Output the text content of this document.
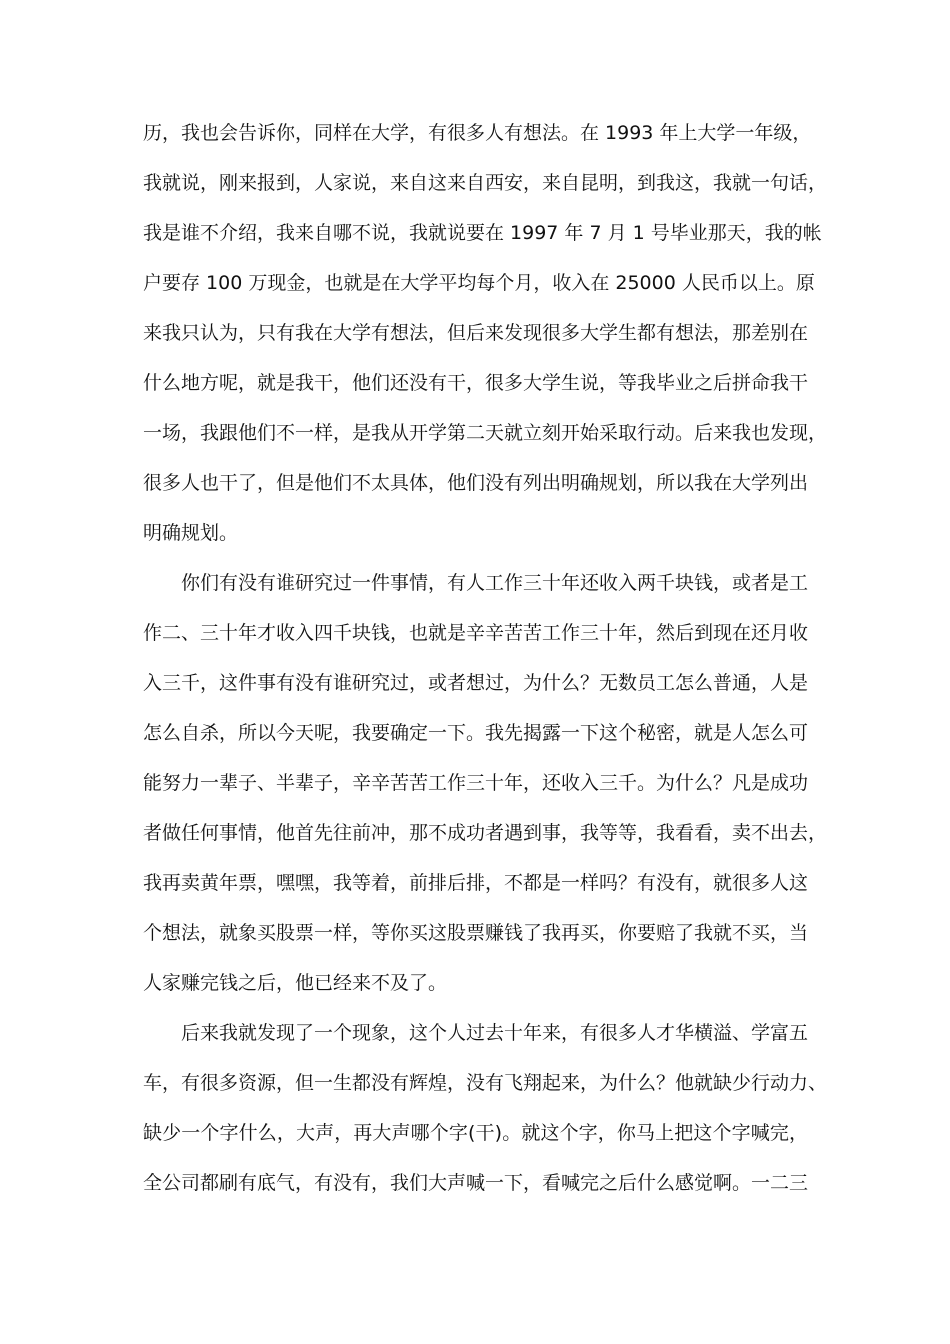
历，我也会告诉你，同样在大学，有很多人有想法。在 1993 年上大学一年级，
我就说，刚来报到，人家说，来自这来自西安，来自昆明，到我这，我就一句话，
我是谁不介绍，我来自哪不说，我就说要在 1997 年 7 月 1 号毕业那天，我的帐
户要存 100 万现金，也就是在大学平均每个月，收入在 25000 人民币以上。原
来我只认为，只有我在大学有想法，但后来发现很多大学生都有想法，那差别在
什么地方呢，就是我干，他们还没有干，很多大学生说，等我毕业之后拼命我干
一场，我跟他们不一样，是我从开学第二天就立刻开始采取行动。后来我也发现，
很多人也干了，但是他们不太具体，他们没有列出明确规划，所以我在大学列出
明确规划。
你们有没有谁研究过一件事情，有人工作三十年还收入两千块钱，或者是工
作二、三十年才收入四千块钱，也就是辛辛苦苦工作三十年，然后到现在还月收
入三千，这件事有没有谁研究过，或者想过，为什么？无数员工怎么普通，人是
怎么自杀，所以今天呢，我要确定一下。我先揭露一下这个秘密，就是人怎么可
能努力一辈子、半辈子，辛辛苦苦工作三十年，还收入三千。为什么？凡是成功
者做任何事情，他首先往前冲，那不成功者遇到事，我等等，我看看，卖不出去，
我再卖黄年票，嘿嘿，我等着，前排后排，不都是一样吗？有没有，就很多人这
个想法，就象买股票一样，等你买这股票赚钱了我再买，你要赔了我就不买，当
人家赚完钱之后，他已经来不及了。
后来我就发现了一个现象，这个人过去十年来，有很多人才华横溢、学富五
车，有很多资源，但一生都没有辉煌，没有飞翔起来，为什么？他就缺少行动力、
缺少一个字什么，大声，再大声哪个字(干)。就这个字，你马上把这个字喊完，
全公司都刷有底气，有没有，我们大声喊一下，看喊完之后什么感觉啊。一二三
